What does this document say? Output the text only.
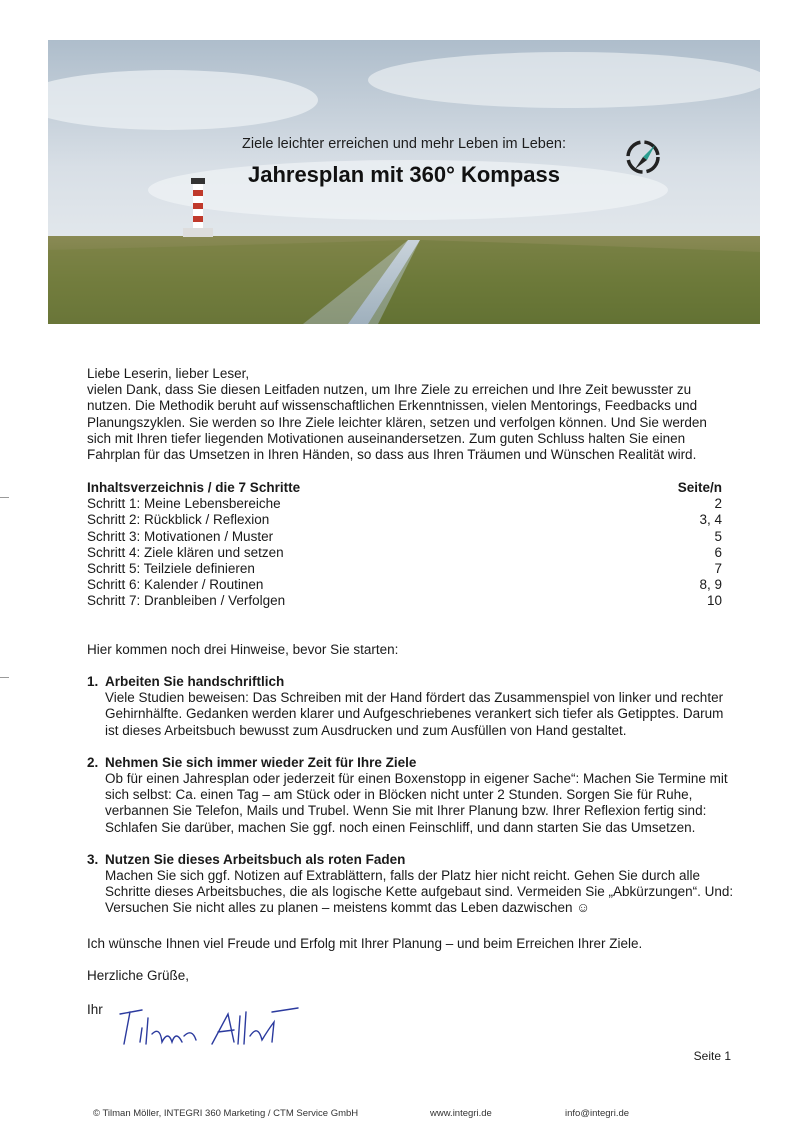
Ziele leichter erreichen und mehr Leben im Leben:
Jahresplan mit 360° Kompass

Liebe Leserin, lieber Leser,

vielen Dank, dass Sie diesen Leitfaden nutzen, um Ihre Ziele zu erreichen und Ihre Zeit bewusster zu nutzen. Die Methodik beruht auf wissenschaftlichen Erkenntnissen, vielen Mentorings, Feedbacks und Planungszyklen. Sie werden so Ihre Ziele leichter klären, setzen und verfolgen können. Und Sie werden sich mit Ihren tiefer liegenden Motivationen auseinandersetzen. Zum guten Schluss halten Sie einen Fahrplan für das Umsetzen in Ihren Händen, so dass aus Ihren Träumen und Wünschen Realität wird.

Inhaltsverzeichnis / die 7 Schritte	Seite/n
Schritt 1: Meine Lebensbereiche	2
Schritt 2: Rückblick / Reflexion	3, 4
Schritt 3: Motivationen / Muster	5
Schritt 4: Ziele klären und setzen	6
Schritt 5: Teilziele definieren	7
Schritt 6: Kalender / Routinen	8, 9
Schritt 7: Dranbleiben / Verfolgen	10
Hier kommen noch drei Hinweise, bevor Sie starten:
1. Arbeiten Sie handschriftlich
Viele Studien beweisen: Das Schreiben mit der Hand fördert das Zusammenspiel von linker und rechter Gehirnhälfte. Gedanken werden klarer und Aufgeschriebenes verankert sich tiefer als Getipptes. Darum ist dieses Arbeitsbuch bewusst zum Ausdrucken und zum Ausfüllen von Hand gestaltet.
2. Nehmen Sie sich immer wieder Zeit für Ihre Ziele
Ob für einen Jahresplan oder jederzeit für einen Boxenstopp in eigener Sache“: Machen Sie Termine mit sich selbst: Ca. einen Tag – am Stück oder in Blöcken nicht unter 2 Stunden. Sorgen Sie für Ruhe, verbannen Sie Telefon, Mails und Trubel. Wenn Sie mit Ihrer Planung bzw. Ihrer Reflexion fertig sind: Schlafen Sie darüber, machen Sie ggf. noch einen Feinschliff, und dann starten Sie das Umsetzen.
3. Nutzen Sie dieses Arbeitsbuch als roten Faden
Machen Sie sich ggf. Notizen auf Extrablättern, falls der Platz hier nicht reicht. Gehen Sie durch alle Schritte dieses Arbeitsbuches, die als logische Kette aufgebaut sind. Vermeiden Sie „Abkürzungen“. Und: Versuchen Sie nicht alles zu planen – meistens kommt das Leben dazwischen ☺
Ich wünsche Ihnen viel Freude und Erfolg mit Ihrer Planung – und beim Erreichen Ihrer Ziele.
Herzliche Grüße,
Ihr
Seite 1
© Tilman Möller, INTEGRI 360 Marketing / CTM Service GmbH	www.integri.de	info@integri.de
